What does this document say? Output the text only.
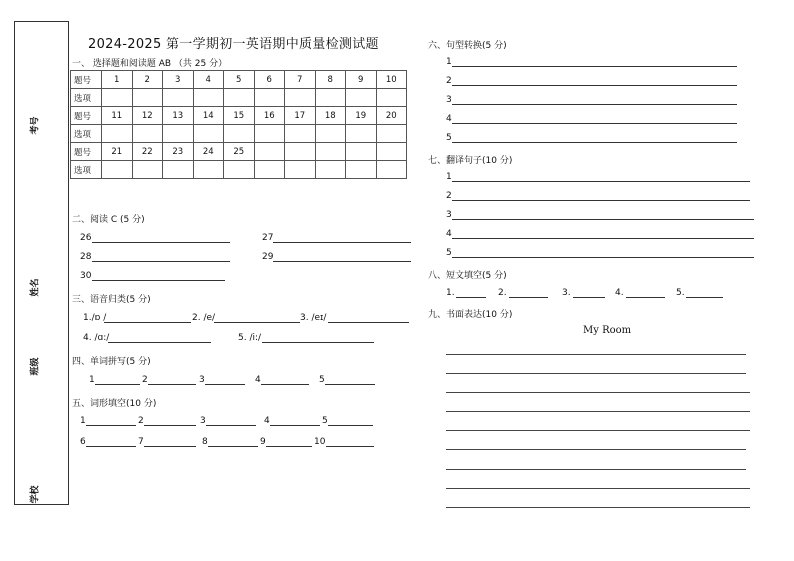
考号
姓名
班级
学校
2024-2025 第一学期初一英语期中质量检测试题
一、 选择题和阅读题 AB （共 25 分）
题号	1	2	3	4	5	6	7	8	9	10
选项										
题号	11	12	13	14	15	16	17	18	19	20
选项										
题号	21	22	23	24	25					
选项										
二、阅读 C (5 分)
26	27
28	29
30
三、语音归类(5 分)
1./ɒ /	2. /e/	3. /eɪ/
4. /ɑ:/	5. /i:/
四、单词拼写(5 分)
1	2	3	4	5
五、词形填空(10 分)
1	2	3	4	5
6	7	8	9	10
六、句型转换(5 分)
1
2
3
4
5
七、翻译句子(10 分)
1
2
3
4
5
八、短文填空(5 分)
1.	2.	3.	4.	5.
九、书面表达(10 分)
My Room
